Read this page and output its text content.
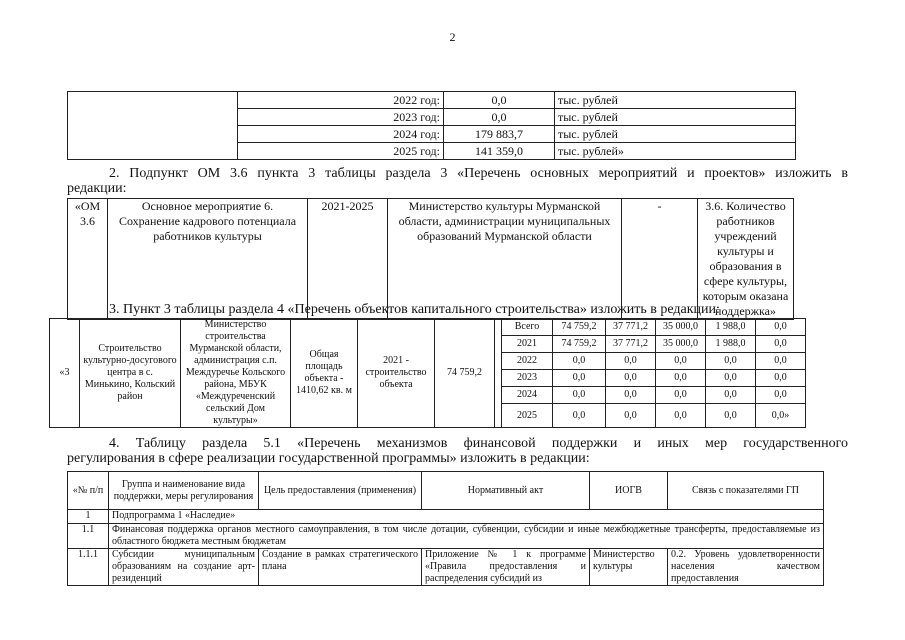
2
	2022 год:	0,0	тыс. рублей
	2023 год:	0,0	тыс. рублей
	2024 год:	179 883,7	тыс. рублей
	2025 год:	141 359,0	тыс. рублей»
2. Подпункт ОМ 3.6 пункта 3 таблицы раздела 3 «Перечень основных мероприятий и проектов» изложить в
редакции:
«ОМ 3.6	Основное мероприятие 6. Сохранение кадрового потенциала работников культуры	2021-2025	Министерство культуры Мурманской области, администрации муниципальных образований Мурманской области	-	3.6. Количество работников учреждений культуры и образования в сфере культуры, которым оказана поддержка»
3. Пункт 3 таблицы раздела 4 «Перечень объектов капитального строительства» изложить в редакции:
«3	Строительство культурно-досугового центра в с. Минькино, Кольский район	Министерство строительства Мурманской области, администрация с.п. Междуречье Кольского района, МБУК «Междуреченский сельский Дом культуры»	Общая площадь объекта - 1410,62 кв. м	2021 - строительство объекта	74 759,2		Всего	74 759,2	37 771,2	35 000,0	1 988,0	0,0
							2021	74 759,2	37 771,2	35 000,0	1 988,0	0,0
							2022	0,0	0,0	0,0	0,0	0,0
							2023	0,0	0,0	0,0	0,0	0,0
							2024	0,0	0,0	0,0	0,0	0,0
							2025	0,0	0,0	0,0	0,0	0,0»
4. Таблицу раздела 5.1 «Перечень механизмов финансовой поддержки и иных мер государственного
регулирования в сфере реализации государственной программы» изложить в редакции:
«№ п/п	Группа и наименование вида поддержки, меры регулирования	Цель предоставления (применения)	Нормативный акт	ИОГВ	Связь с показателями ГП
1	Подпрограмма 1 «Наследие»				
1.1	Финансовая поддержка органов местного самоуправления, в том числе дотации, субвенции, субсидии и иные межбюджетные трансферты, предоставляемые из областного бюджета местным бюджетам				
1.1.1	Субсидии муниципальным образованиям на создание арт-резиденций	Создание в рамках стратегического плана	Приложение № 1 к программе «Правила предоставления и распределения субсидий из	Министерство культуры	0.2. Уровень удовлетворенности населения качеством предоставления
